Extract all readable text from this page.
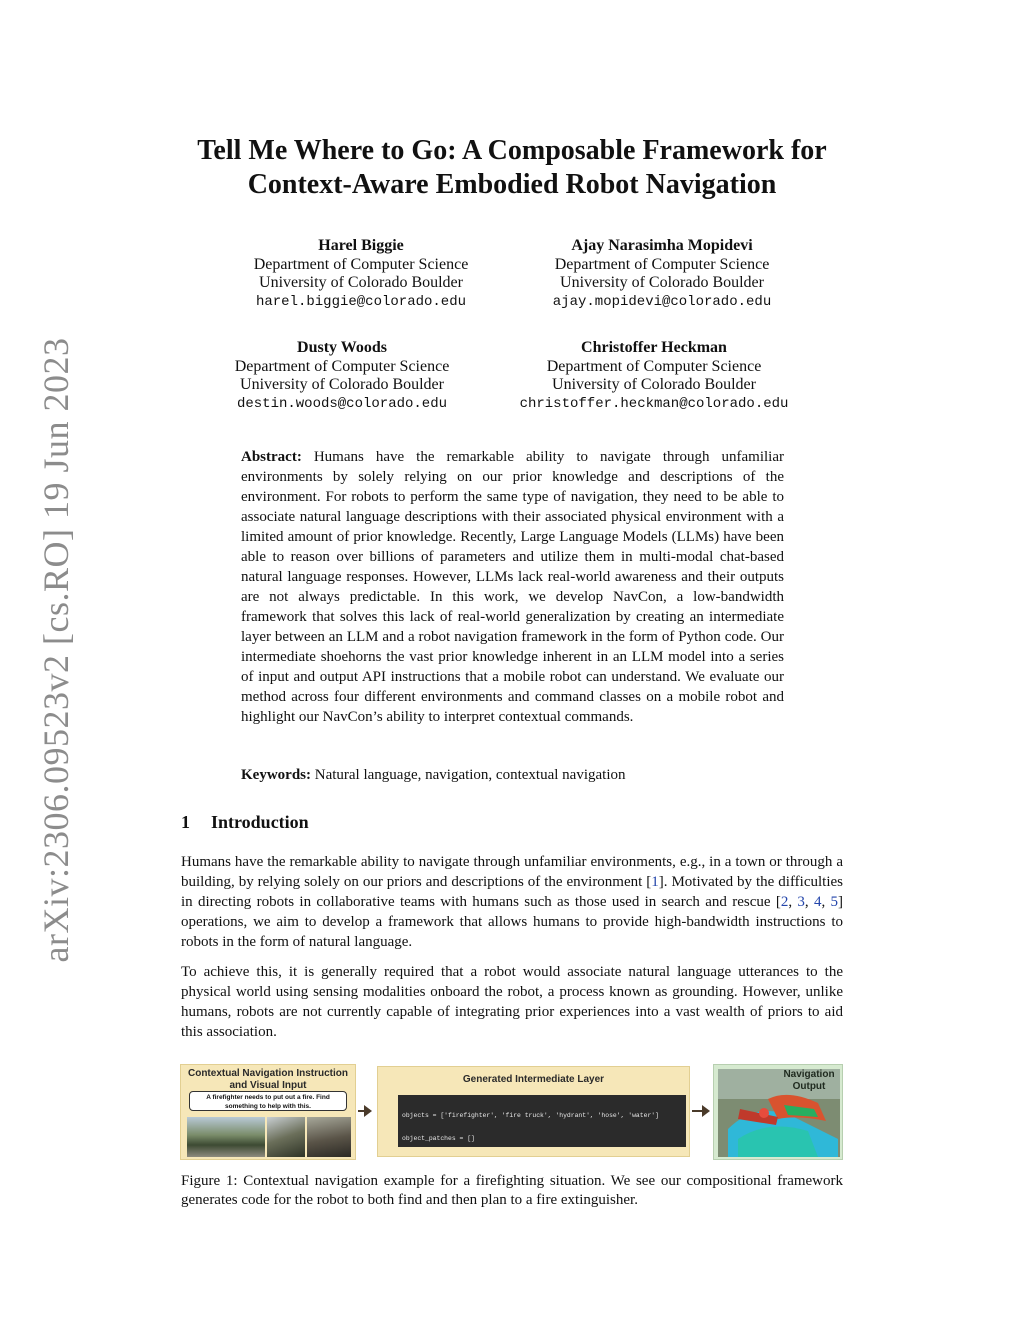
arXiv:2306.09523v2 [cs.RO] 19 Jun 2023
Tell Me Where to Go: A Composable Framework for
Context-Aware Embodied Robot Navigation
Harel Biggie
Department of Computer Science
University of Colorado Boulder
harel.biggie@colorado.edu
Ajay Narasimha Mopidevi
Department of Computer Science
University of Colorado Boulder
ajay.mopidevi@colorado.edu
Dusty Woods
Department of Computer Science
University of Colorado Boulder
destin.woods@colorado.edu
Christoffer Heckman
Department of Computer Science
University of Colorado Boulder
christoffer.heckman@colorado.edu
Abstract: Humans have the remarkable ability to navigate through unfamiliar environments by solely relying on our prior knowledge and descriptions of the environment. For robots to perform the same type of navigation, they need to be able to associate natural language descriptions with their associated physical environment with a limited amount of prior knowledge. Recently, Large Language Models (LLMs) have been able to reason over billions of parameters and utilize them in multi-modal chat-based natural language responses. However, LLMs lack real-world awareness and their outputs are not always predictable. In this work, we develop NavCon, a low-bandwidth framework that solves this lack of real-world generalization by creating an intermediate layer between an LLM and a robot navigation framework in the form of Python code. Our intermediate shoehorns the vast prior knowledge inherent in an LLM model into a series of input and output API instructions that a mobile robot can understand. We evaluate our method across four different environments and command classes on a mobile robot and highlight our NavCon’s ability to interpret contextual commands.
Keywords: Natural language, navigation, contextual navigation
1 Introduction

Humans have the remarkable ability to navigate through unfamiliar environments, e.g., in a town or through a building, by relying solely on our priors and descriptions of the environment [1]. Motivated by the difficulties in directing robots in collaborative teams with humans such as those used in search and rescue [2, 3, 4, 5] operations, we aim to develop a framework that allows humans to provide high-bandwidth instructions to robots in the form of natural language.

To achieve this, it is generally required that a robot would associate natural language utterances to the physical world using sensing modalities onboard the robot, a process known as grounding. However, unlike humans, robots are not currently capable of integrating prior experiences into a vast wealth of priors to aid this association.

Contextual Navigation Instruction and Visual Input
A firefighter needs to put out a fire. Find something to help with this.
Generated Intermediate Layer

objects = ['firefighter', 'fire truck', 'hydrant', 'hose', 'water']

object_patches = []

Navigation Output

Figure 1: Contextual navigation example for a firefighting situation. We see our compositional framework generates code for the robot to both find and then plan to a fire extinguisher.
